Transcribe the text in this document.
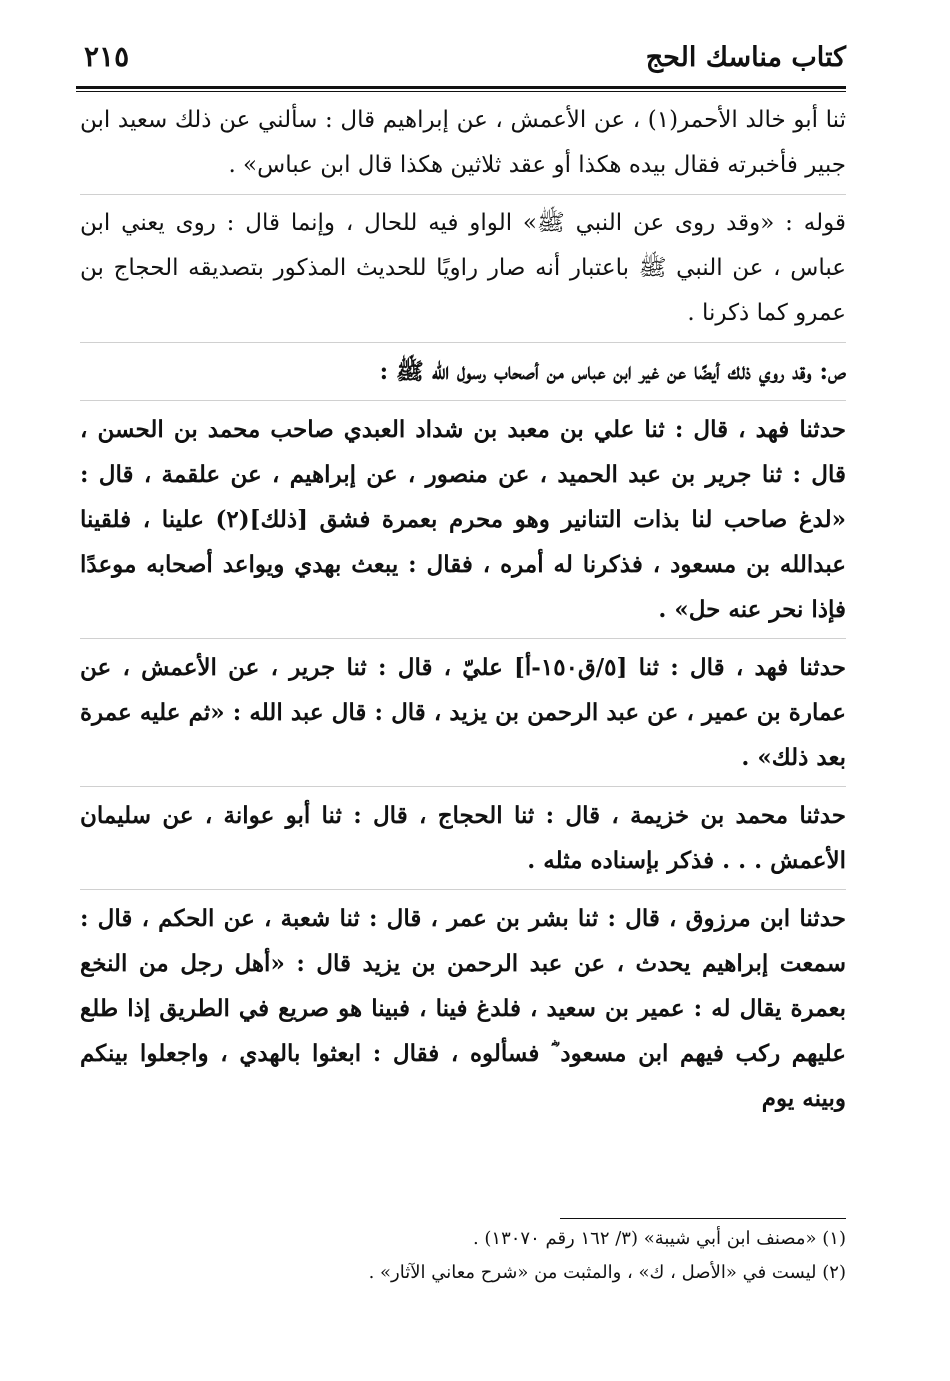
كتاب مناسك الحج
٢١٥

ثنا أبو خالد الأحمر(١) ، عن الأعمش ، عن إبراهيم قال : سألني عن ذلك سعيد ابن جبير فأخبرته فقال بيده هكذا أو عقد ثلاثين هكذا قال ابن عباس» .

قوله : «وقد روى عن النبي ﷺ» الواو فيه للحال ، وإنما قال : روى يعني ابن عباس ، عن النبي ﷺ باعتبار أنه صار راويًا للحديث المذكور بتصديقه الحجاج بن عمرو كما ذكرنا .

ص: وقد روي ذلك أيضًا عن غير ابن عباس من أصحاب رسول الله ﷺ :

حدثنا فهد ، قال : ثنا علي بن معبد بن شداد العبدي صاحب محمد بن الحسن ، قال : ثنا جرير بن عبد الحميد ، عن منصور ، عن إبراهيم ، عن علقمة ، قال : «لدغ صاحب لنا بذات التنانير وهو محرم بعمرة فشق [ذلك](٢) علينا ، فلقينا عبدالله بن مسعود ، فذكرنا له أمره ، فقال : يبعث بهدي ويواعد أصحابه موعدًا فإذا نحر عنه حل» .

حدثنا فهد ، قال : ثنا [٥/ق١٥٠-أ] عليّ ، قال : ثنا جرير ، عن الأعمش ، عن عمارة بن عمير ، عن عبد الرحمن بن يزيد ، قال : قال عبد الله : «ثم عليه عمرة بعد ذلك» .

حدثنا محمد بن خزيمة ، قال : ثنا الحجاج ، قال : ثنا أبو عوانة ، عن سليمان الأعمش . . . فذكر بإسناده مثله .

حدثنا ابن مرزوق ، قال : ثنا بشر بن عمر ، قال : ثنا شعبة ، عن الحكم ، قال : سمعت إبراهيم يحدث ، عن عبد الرحمن بن يزيد قال : «أهل رجل من النخع بعمرة يقال له : عمير بن سعيد ، فلدغ فينا ، فبينا هو صريع في الطريق إذا طلع عليهم ركب فيهم ابن مسعود ؓ فسألوه ، فقال : ابعثوا بالهدي ، واجعلوا بينكم وبينه يوم

(١) «مصنف ابن أبي شيبة» (٣/ ١٦٢ رقم ١٣٠٧٠) .

(٢) ليست في «الأصل ، ك» ، والمثبت من «شرح معاني الآثار» .
